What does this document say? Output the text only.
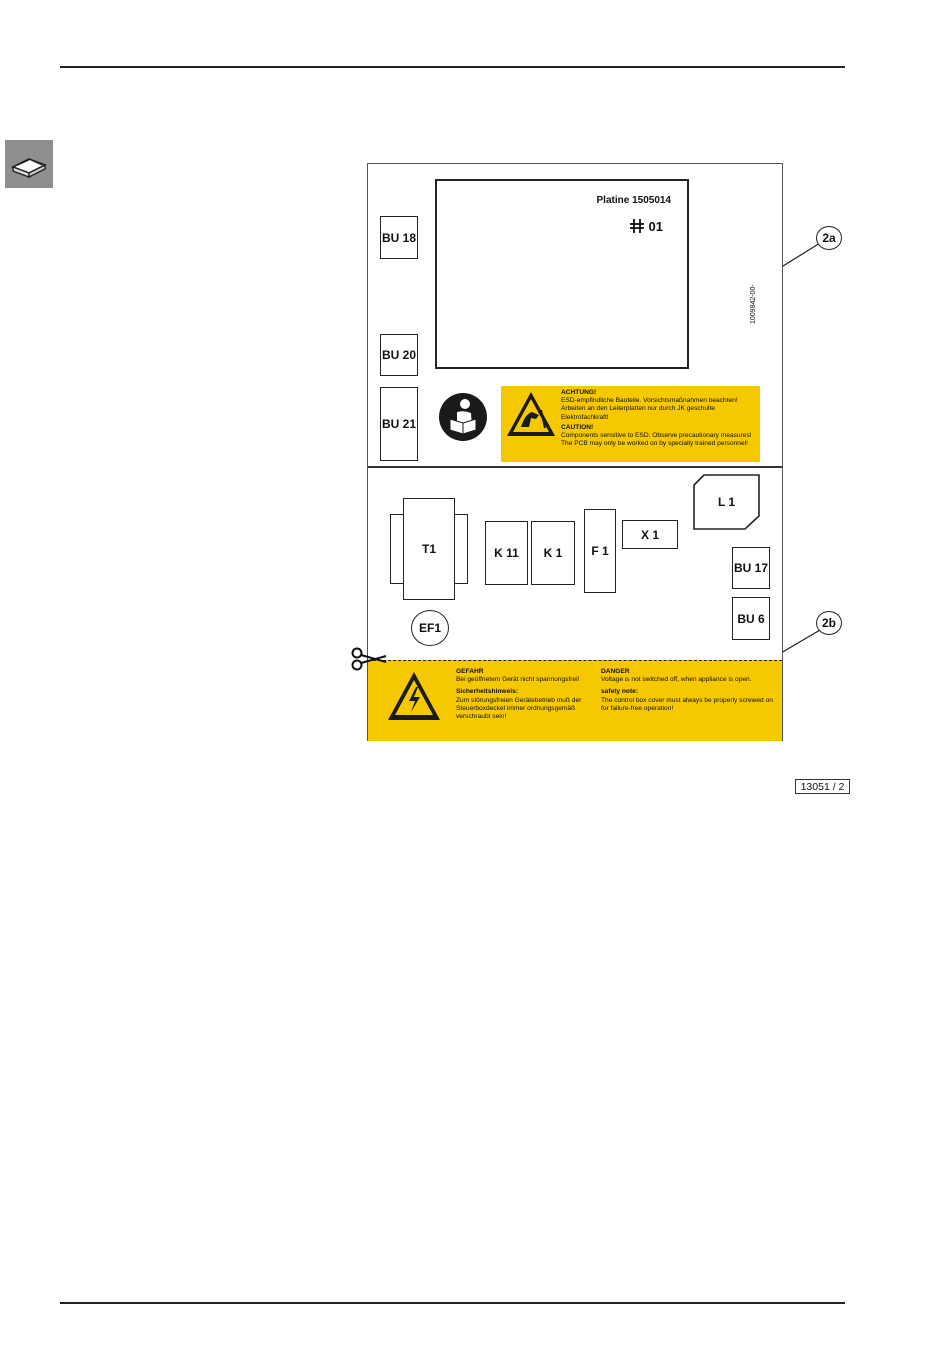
BU 18
BU 20
BU 21
Platine 1505014
01
1009842-00-
ACHTUNG!
ESD-empfindliche Bauteile. Vorsichtsmaßnahmen beachten! Arbeiten an den Leiterplatten nur durch JK geschulte Elektrofachkraft!
CAUTION!
Components sensitive to ESD. Observe precautionary measures! The PCB may only be worked on by specially trained personnel!
T1	K 11	K 1	F 1
X 1
L 1
BU 17
BU 6
EF1

GEFAHR
Bei geöffnetem Gerät nicht spannungsfrei!

Sicherheitshinweis:
Zum störungsfreien Gerätebetrieb muß der Steuerboxdeckel immer ordnungsgemäß verschraubt sein!

DANGER
Voltage is not switched off, when appliance is open.

safety note:
The control box cover must always be properly screwed on for failure-free operation!

2a
2b
13051 / 2
